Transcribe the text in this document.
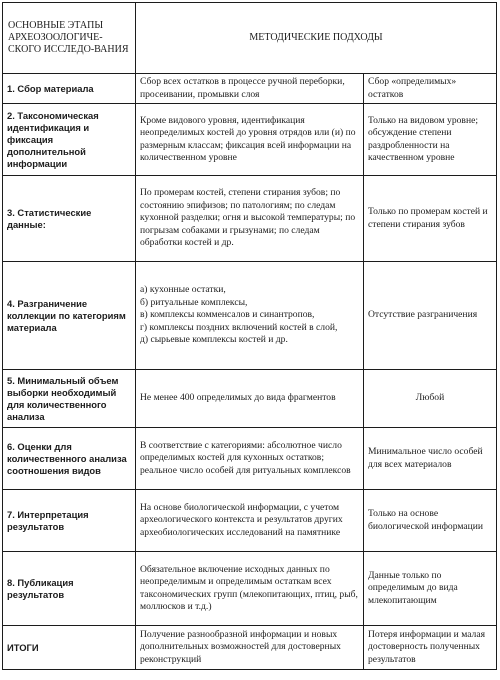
ОСНОВНЫЕ ЭТАПЫ АРХЕОЗООЛОГИЧЕ-СКОГО ИССЛЕДО-ВАНИЯ	МЕТОДИЧЕСКИЕ ПОДХОДЫ	
1. Сбор материала	Сбор всех остатков в процессе ручной переборки, просеивании, промывки слоя	Сбор «определимых» остатков
2. Таксономическая идентификация и фиксация дополнительной информации	Кроме видового уровня, идентификация неопределимых костей до уровня отрядов или (и) по размерным классам; фиксация всей информации на количественном уровне	Только на видовом уровне; обсуждение степени раздробленности на качественном уровне
3. Статистические данные:	По промерам костей, степени стирания зубов; по состоянию эпифизов; по патологиям; по следам кухонной разделки; огня и высокой температуры; по погрызам собаками и грызунами; по следам обработки костей и др.	Только по промерам костей и степени стирания зубов
4. Разграничение коллекции по категориям материала	а) кухонные остатки,
б) ритуальные комплексы,
в) комплексы комменсалов и синантропов,
г) комплексы поздних включений костей в слой,
д) сырьевые комплексы костей и др.	Отсутствие разграничения
5. Минимальный объем выборки необходимый для количественного анализа	Не менее 400 определимых до вида фрагментов	Любой
6. Оценки для количественного анализа соотношения видов	В соответствие с категориями: абсолютное число определимых костей для кухонных остатков; реальное число особей для ритуальных комплексов	Минимальное число особей для всех материалов
7. Интерпретация результатов	На основе биологической информации, с учетом археологического контекста и результатов других археобиологических исследований на памятнике	Только на основе биологической информации
8. Публикация результатов	Обязательное включение исходных данных по неопределимым и определимым остаткам всех таксономических групп (млекопитающих, птиц, рыб, моллюсков и т.д.)	Данные только по определимым до вида млекопитающим
ИТОГИ	Получение разнообразной информации и новых дополнительных возможностей для достоверных реконструкций	Потеря информации и малая достоверность полученных результатов
